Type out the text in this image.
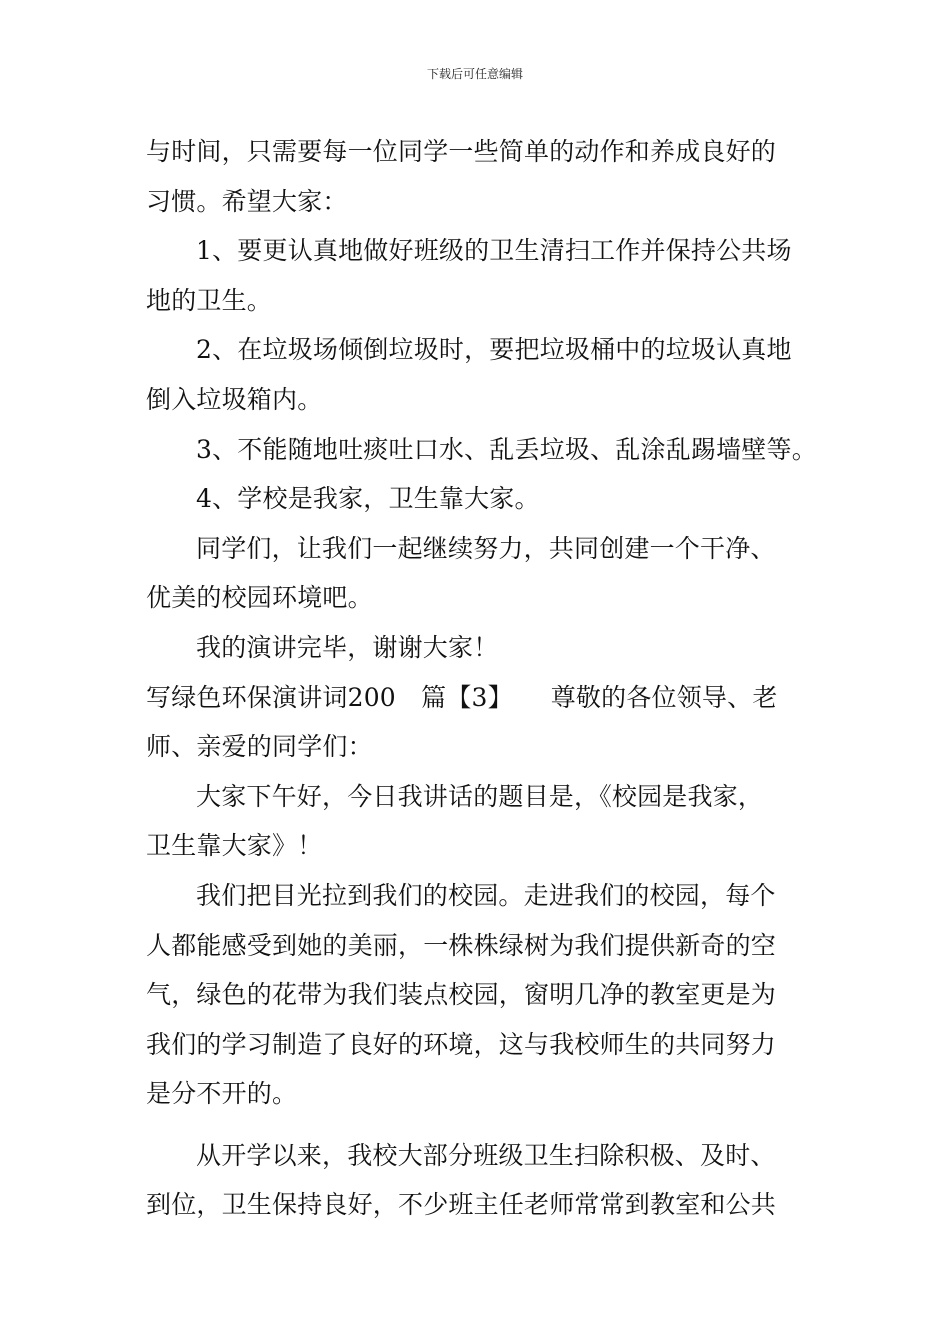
下载后可任意编辑
与时间，只需要每一位同学一些简单的动作和养成良好的
习惯。希望大家：
1、要更认真地做好班级的卫生清扫工作并保持公共场
地的卫生。
2、在垃圾场倾倒垃圾时，要把垃圾桶中的垃圾认真地
倒入垃圾箱内。
3、不能随地吐痰吐口水、乱丢垃圾、乱涂乱踢墙壁等。
4、学校是我家，卫生靠大家。
同学们，让我们一起继续努力，共同创建一个干净、
优美的校园环境吧。
我的演讲完毕，谢谢大家！
写绿色环保演讲词200　篇【3】　　尊敬的各位领导、老
师、亲爱的同学们：
大家下午好，今日我讲话的题目是，《校园是我家，
卫生靠大家》！
我们把目光拉到我们的校园。走进我们的校园，每个
人都能感受到她的美丽，一株株绿树为我们提供新奇的空
气，绿色的花带为我们装点校园，窗明几净的教室更是为
我们的学习制造了良好的环境，这与我校师生的共同努力
是分不开的。
从开学以来，我校大部分班级卫生扫除积极、及时、
到位，卫生保持良好，不少班主任老师常常到教室和公共
